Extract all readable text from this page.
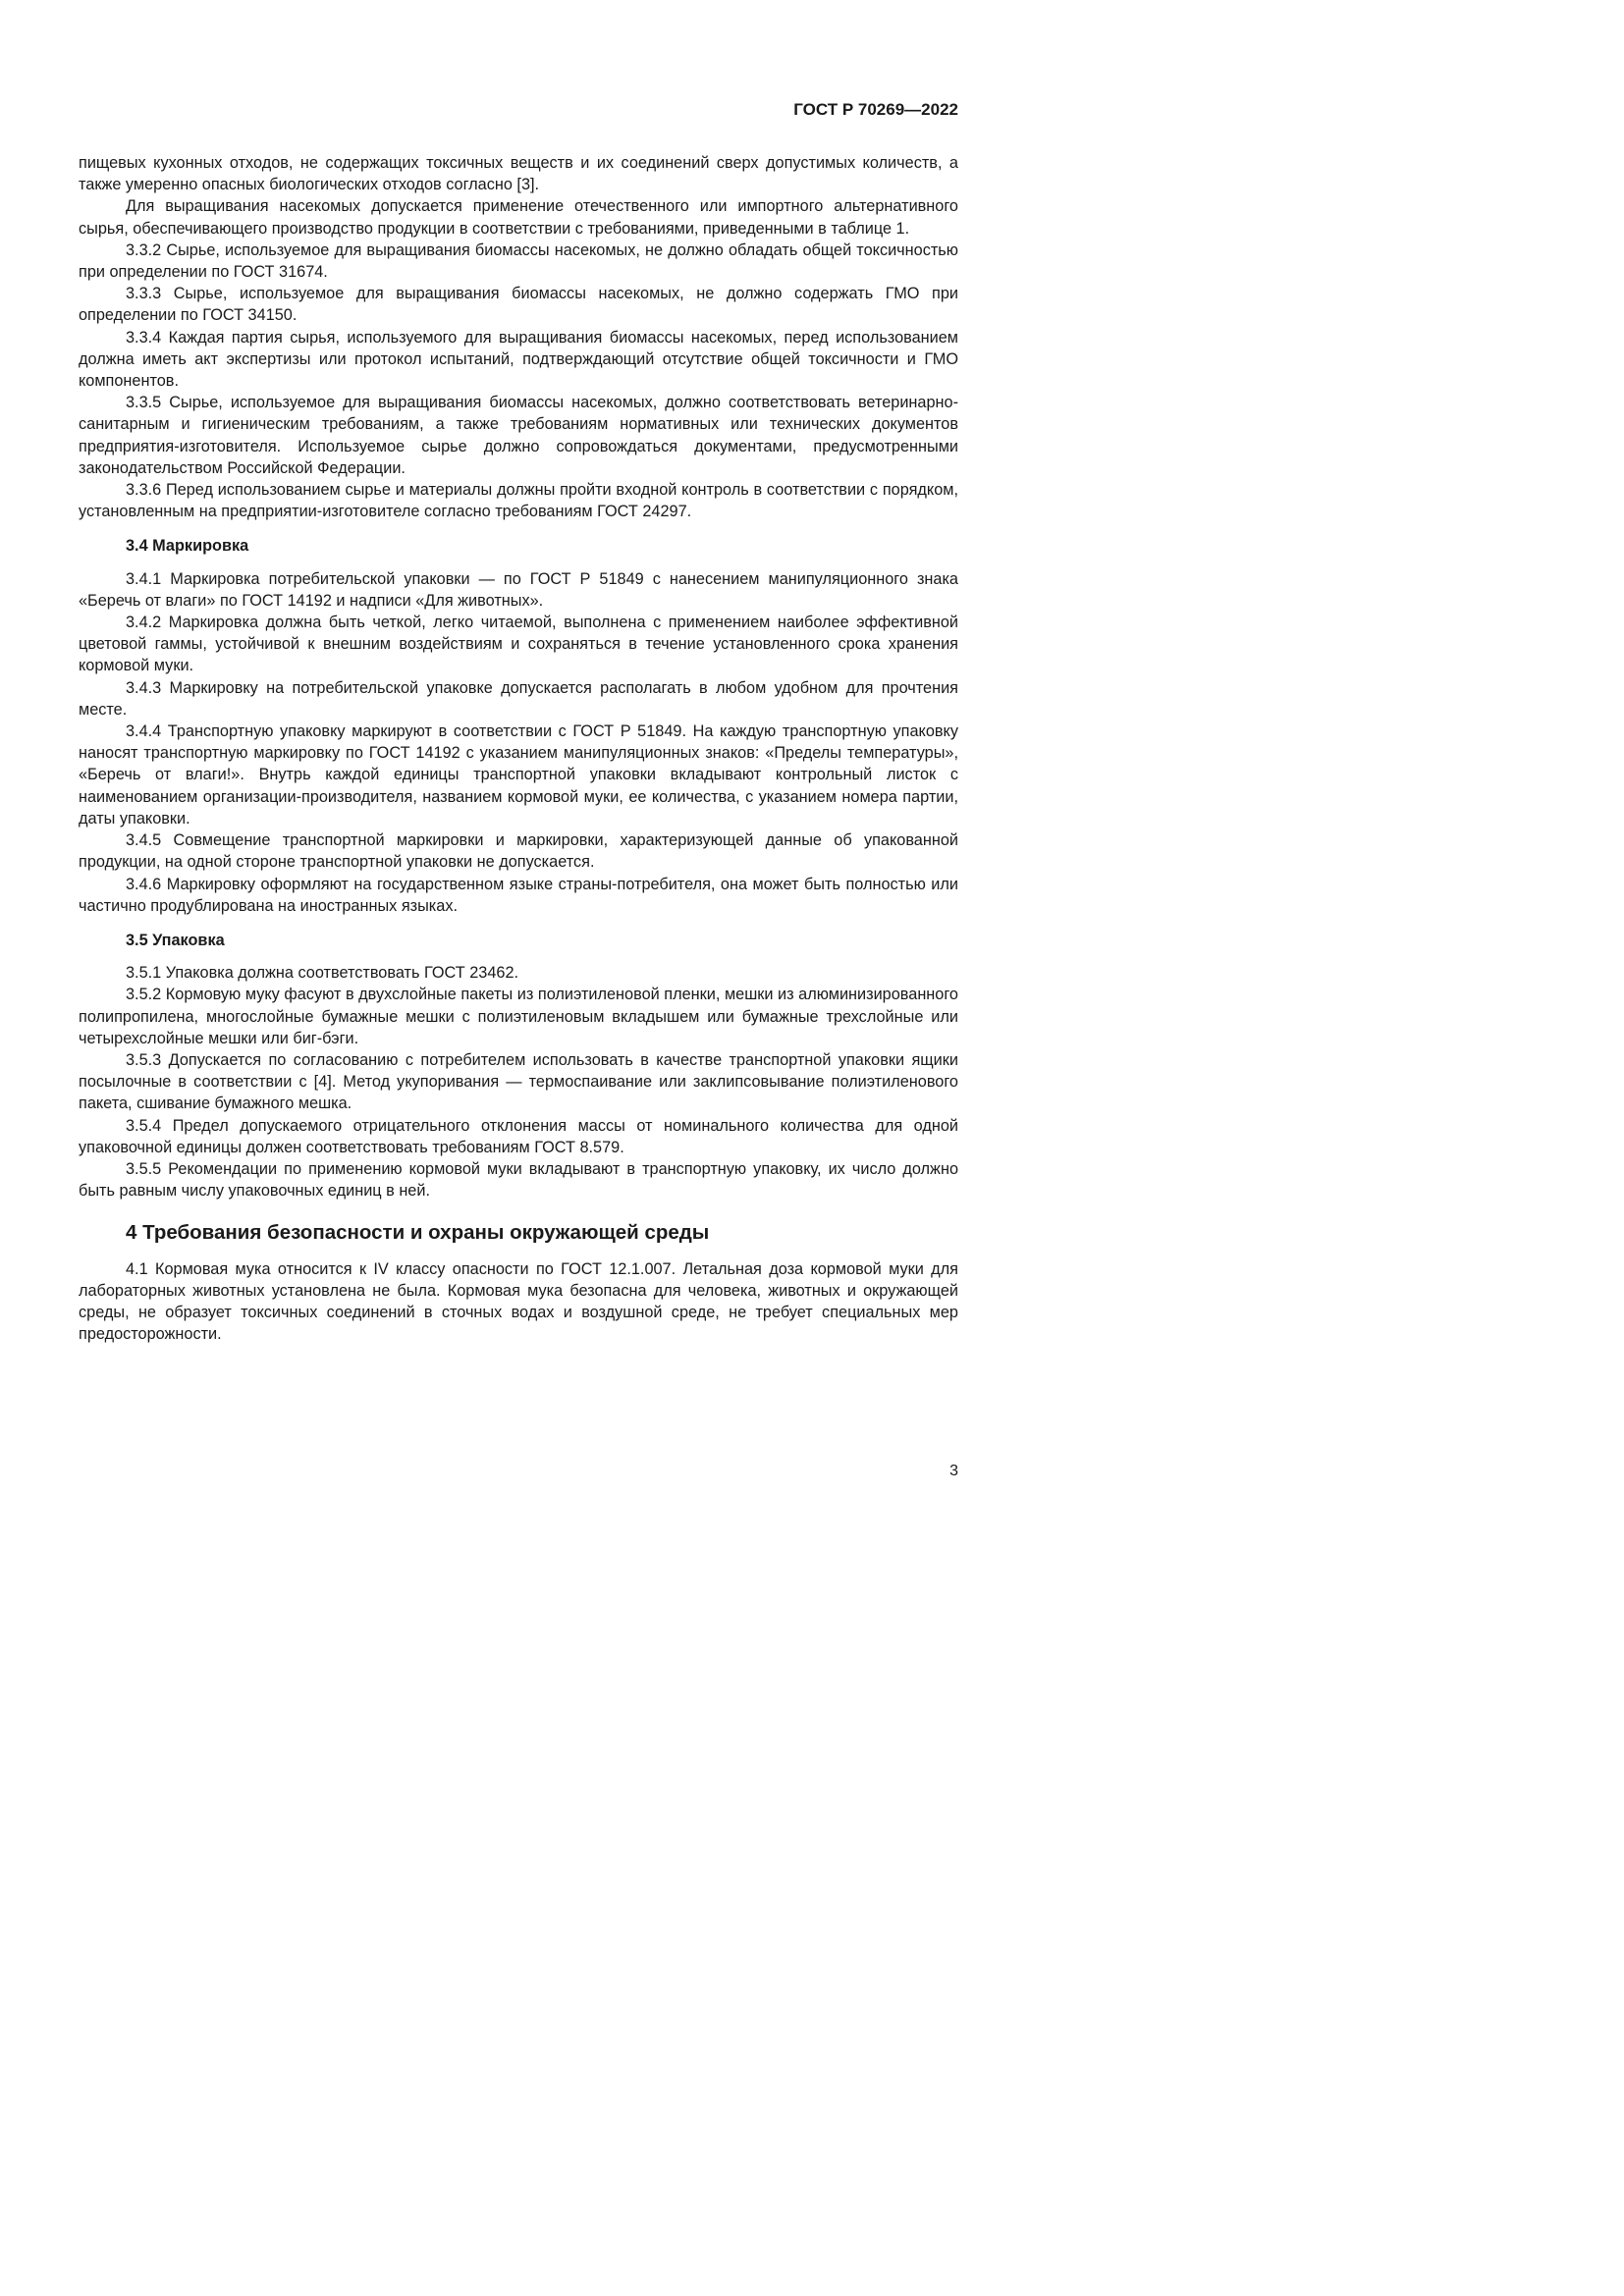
ГОСТ Р 70269—2022
пищевых кухонных отходов, не содержащих токсичных веществ и их соединений сверх допустимых количеств, а также умеренно опасных биологических отходов согласно [3].
Для выращивания насекомых допускается применение отечественного или импортного альтернативного сырья, обеспечивающего производство продукции в соответствии с требованиями, приведенными в таблице 1.
3.3.2 Сырье, используемое для выращивания биомассы насекомых, не должно обладать общей токсичностью при определении по ГОСТ 31674.
3.3.3 Сырье, используемое для выращивания биомассы насекомых, не должно содержать ГМО при определении по ГОСТ 34150.
3.3.4 Каждая партия сырья, используемого для выращивания биомассы насекомых, перед использованием должна иметь акт экспертизы или протокол испытаний, подтверждающий отсутствие общей токсичности и ГМО компонентов.
3.3.5 Сырье, используемое для выращивания биомассы насекомых, должно соответствовать ветеринарно-санитарным и гигиеническим требованиям, а также требованиям нормативных или технических документов предприятия-изготовителя. Используемое сырье должно сопровождаться документами, предусмотренными законодательством Российской Федерации.
3.3.6 Перед использованием сырье и материалы должны пройти входной контроль в соответствии с порядком, установленным на предприятии-изготовителе согласно требованиям ГОСТ 24297.
3.4 Маркировка
3.4.1 Маркировка потребительской упаковки — по ГОСТ Р 51849 с нанесением манипуляционного знака «Беречь от влаги» по ГОСТ 14192 и надписи «Для животных».
3.4.2 Маркировка должна быть четкой, легко читаемой, выполнена с применением наиболее эффективной цветовой гаммы, устойчивой к внешним воздействиям и сохраняться в течение установленного срока хранения кормовой муки.
3.4.3 Маркировку на потребительской упаковке допускается располагать в любом удобном для прочтения месте.
3.4.4 Транспортную упаковку маркируют в соответствии с ГОСТ Р 51849. На каждую транспортную упаковку наносят транспортную маркировку по ГОСТ 14192 с указанием манипуляционных знаков: «Пределы температуры», «Беречь от влаги!». Внутрь каждой единицы транспортной упаковки вкладывают контрольный листок с наименованием организации-производителя, названием кормовой муки, ее количества, с указанием номера партии, даты упаковки.
3.4.5 Совмещение транспортной маркировки и маркировки, характеризующей данные об упакованной продукции, на одной стороне транспортной упаковки не допускается.
3.4.6 Маркировку оформляют на государственном языке страны-потребителя, она может быть полностью или частично продублирована на иностранных языках.
3.5 Упаковка
3.5.1 Упаковка должна соответствовать ГОСТ 23462.
3.5.2 Кормовую муку фасуют в двухслойные пакеты из полиэтиленовой пленки, мешки из алюминизированного полипропилена, многослойные бумажные мешки с полиэтиленовым вкладышем или бумажные трехслойные или четырехслойные мешки или биг-бэги.
3.5.3 Допускается по согласованию с потребителем использовать в качестве транспортной упаковки ящики посылочные в соответствии с [4]. Метод укупоривания — термоспаивание или заклипсовывание полиэтиленового пакета, сшивание бумажного мешка.
3.5.4 Предел допускаемого отрицательного отклонения массы от номинального количества для одной упаковочной единицы должен соответствовать требованиям ГОСТ 8.579.
3.5.5 Рекомендации по применению кормовой муки вкладывают в транспортную упаковку, их число должно быть равным числу упаковочных единиц в ней.
4 Требования безопасности и охраны окружающей среды
4.1 Кормовая мука относится к IV классу опасности по ГОСТ 12.1.007. Летальная доза кормовой муки для лабораторных животных установлена не была. Кормовая мука безопасна для человека, животных и окружающей среды, не образует токсичных соединений в сточных водах и воздушной среде, не требует специальных мер предосторожности.
3
